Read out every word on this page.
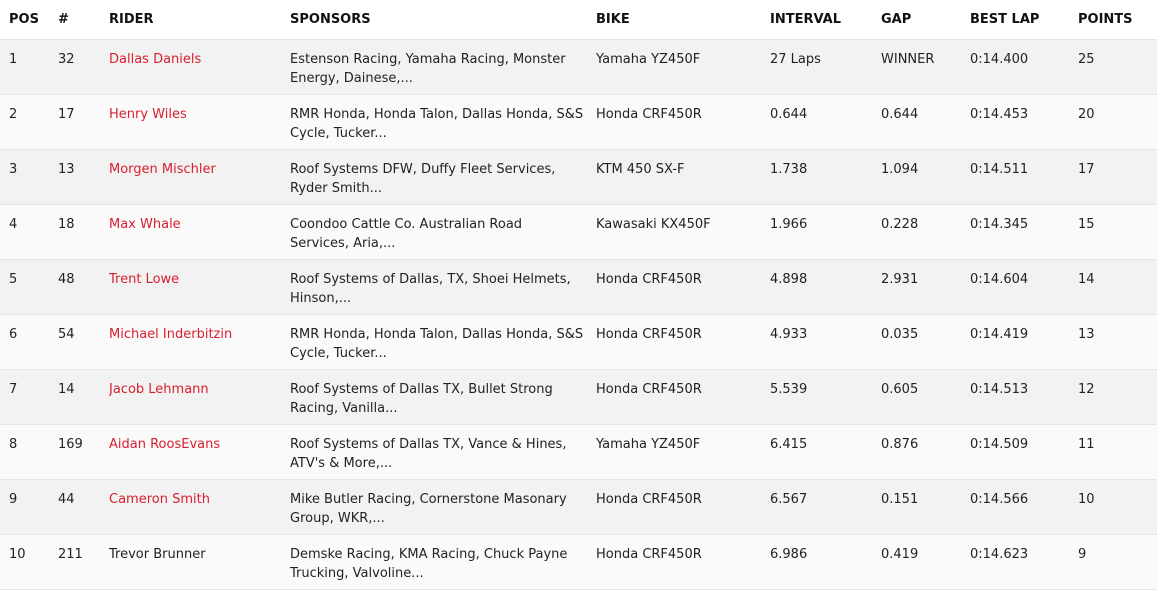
POS	#	RIDER	SPONSORS	BIKE	INTERVAL	GAP	BEST LAP	POINTS
1	32	Dallas Daniels	Estenson Racing, Yamaha Racing, Monster Energy, Dainese,...	Yamaha YZ450F	27 Laps	WINNER	0:14.400	25
2	17	Henry Wiles	RMR Honda, Honda Talon, Dallas Honda, S&S Cycle, Tucker...	Honda CRF450R	0.644	0.644	0:14.453	20
3	13	Morgen Mischler	Roof Systems DFW, Duffy Fleet Services, Ryder Smith...	KTM 450 SX-F	1.738	1.094	0:14.511	17
4	18	Max Whale	Coondoo Cattle Co. Australian Road Services, Aria,...	Kawasaki KX450F	1.966	0.228	0:14.345	15
5	48	Trent Lowe	Roof Systems of Dallas, TX, Shoei Helmets, Hinson,...	Honda CRF450R	4.898	2.931	0:14.604	14
6	54	Michael Inderbitzin	RMR Honda, Honda Talon, Dallas Honda, S&S Cycle, Tucker...	Honda CRF450R	4.933	0.035	0:14.419	13
7	14	Jacob Lehmann	Roof Systems of Dallas TX, Bullet Strong Racing, Vanilla...	Honda CRF450R	5.539	0.605	0:14.513	12
8	169	Aidan RoosEvans	Roof Systems of Dallas TX, Vance & Hines, ATV's & More,...	Yamaha YZ450F	6.415	0.876	0:14.509	11
9	44	Cameron Smith	Mike Butler Racing, Cornerstone Masonary Group, WKR,...	Honda CRF450R	6.567	0.151	0:14.566	10
10	211	Trevor Brunner	Demske Racing, KMA Racing, Chuck Payne Trucking, Valvoline...	Honda CRF450R	6.986	0.419	0:14.623	9
